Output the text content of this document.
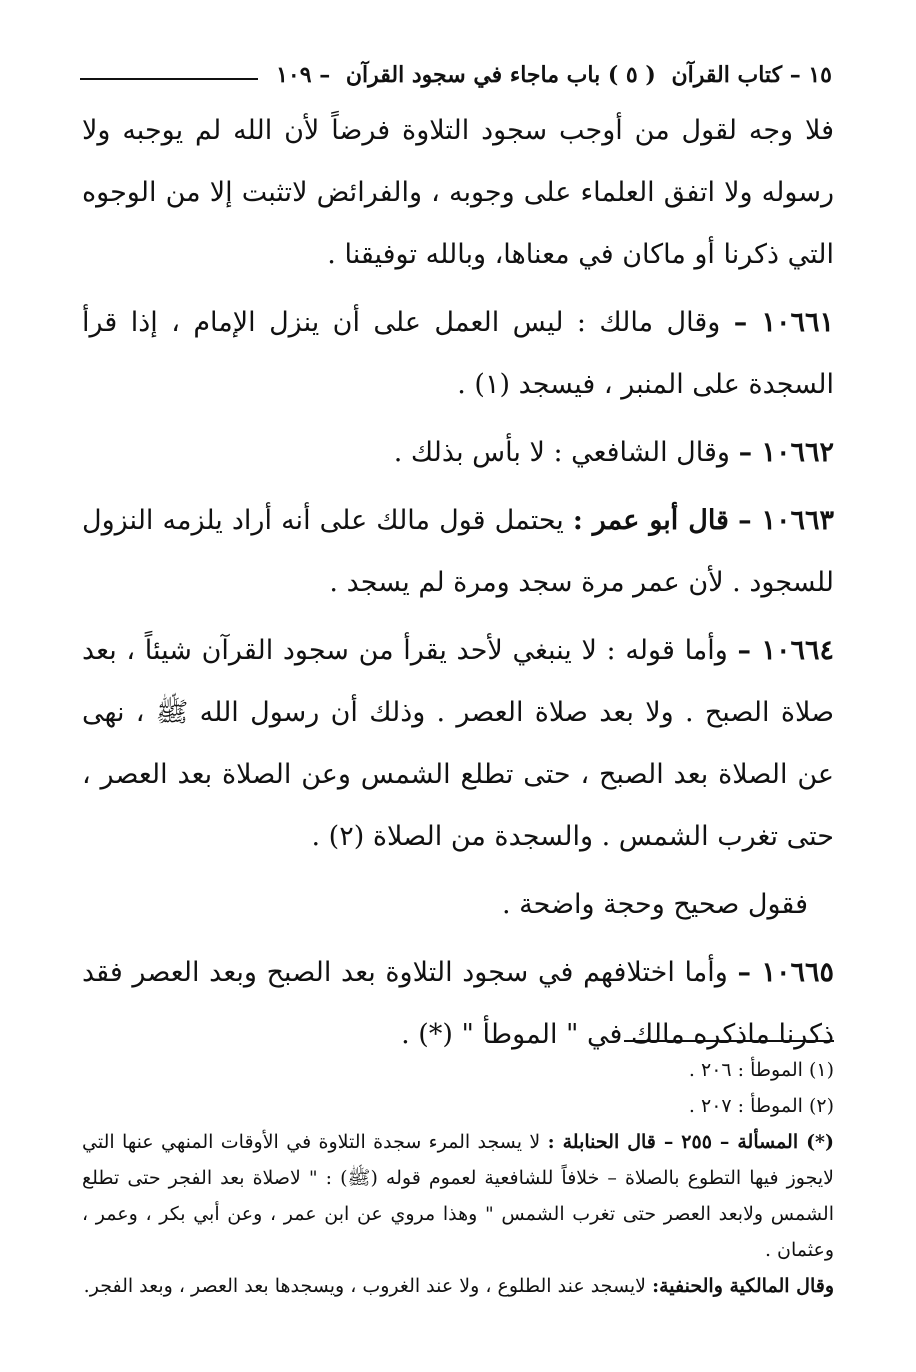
١٥ – كتاب القرآن ( ٥ ) باب ماجاء في سجود القرآن – ١٠٩

فلا وجه لقول من أوجب سجود التلاوة فرضاً لأن الله لم يوجبه ولا رسوله ولا اتفق العلماء على وجوبه ، والفرائض لاتثبت إلا من الوجوه التي ذكرنا أو ماكان في معناها، وبالله توفيقنا .

١٠٦٦١ – وقال مالك : ليس العمل على أن ينزل الإمام ، إذا قرأ السجدة على المنبر ، فيسجد (١) .

١٠٦٦٢ – وقال الشافعي : لا بأس بذلك .

١٠٦٦٣ – قال أبو عمر : يحتمل قول مالك على أنه أراد يلزمه النزول للسجود . لأن عمر مرة سجد ومرة لم يسجد .

١٠٦٦٤ – وأما قوله : لا ينبغي لأحد يقرأ من سجود القرآن شيئاً ، بعد صلاة الصبح . ولا بعد صلاة العصر . وذلك أن رسول الله ﷺ ، نهى عن الصلاة بعد الصبح ، حتى تطلع الشمس وعن الصلاة بعد العصر ، حتى تغرب الشمس . والسجدة من الصلاة (٢) .

فقول صحيح وحجة واضحة .

١٠٦٦٥ – وأما اختلافهم في سجود التلاوة بعد الصبح وبعد العصر فقد ذكرنا ماذكره مالك في " الموطأ " (*) .

(١) الموطأ : ٢٠٦ .

(٢) الموطأ : ٢٠٧ .

(*) المسألة – ٢٥٥ – قال الحنابلة : لا يسجد المرء سجدة التلاوة في الأوقات المنهي عنها التي لايجوز فيها التطوع بالصلاة – خلافاً للشافعية لعموم قوله (ﷺ) : " لاصلاة بعد الفجر حتى تطلع الشمس ولابعد العصر حتى تغرب الشمس " وهذا مروي عن ابن عمر ، وعن أبي بكر ، وعمر ، وعثمان .

وقال المالكية والحنفية: لايسجد عند الطلوع ، ولا عند الغروب ، ويسجدها بعد العصر ، وبعد الفجر.
